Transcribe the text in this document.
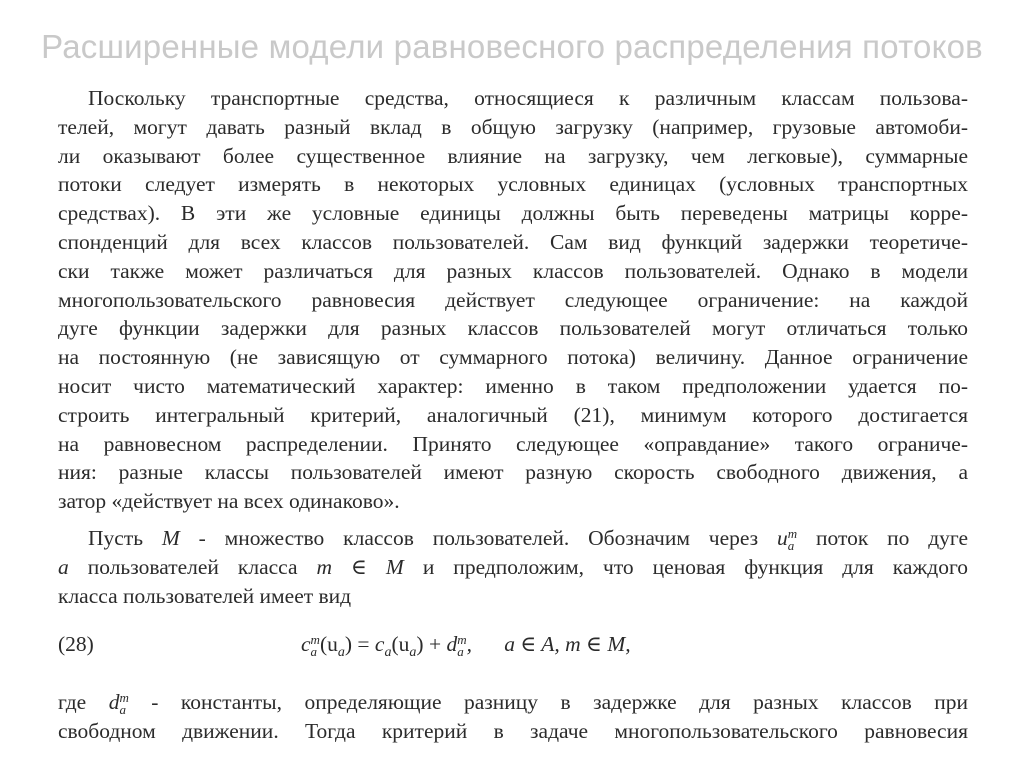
Расширенные модели равновесного распределения потоков
Поскольку транспортные средства, относящиеся к различным классам пользова-
телей, могут давать разный вклад в общую загрузку (например, грузовые автомоби-
ли оказывают более существенное влияние на загрузку, чем легковые), суммарные
потоки следует измерять в некоторых условных единицах (условных транспортных
средствах). В эти же условные единицы должны быть переведены матрицы корре-
спонденций для всех классов пользователей. Сам вид функций задержки теоретиче-
ски также может различаться для разных классов пользователей. Однако в модели
многопользовательского равновесия действует следующее ограничение: на каждой
дуге функции задержки для разных классов пользователей могут отличаться только
на постоянную (не зависящую от суммарного потока) величину. Данное ограничение
носит чисто математический характер: именно в таком предположении удается по-
строить интегральный критерий, аналогичный (21), минимум которого достигается
на равновесном распределении. Принято следующее «оправдание» такого ограниче-
ния: разные классы пользователей имеют разную скорость свободного движения, а
затор «действует на всех одинаково».
Пусть M - множество классов пользователей. Обозначим через u m
a поток по дуге
a пользователей класса m ∈ M и предположим, что ценовая функция для каждого
класса пользователей имеет вид
(28)	c m
a $(u_a) = c_a(u_a) + d$ m
a ,      a ∈ A, m ∈ M,
где d m
a - константы, определяющие разницу в задержке для разных классов при
свободном движении. Тогда критерий в задаче многопользовательского равновесия
